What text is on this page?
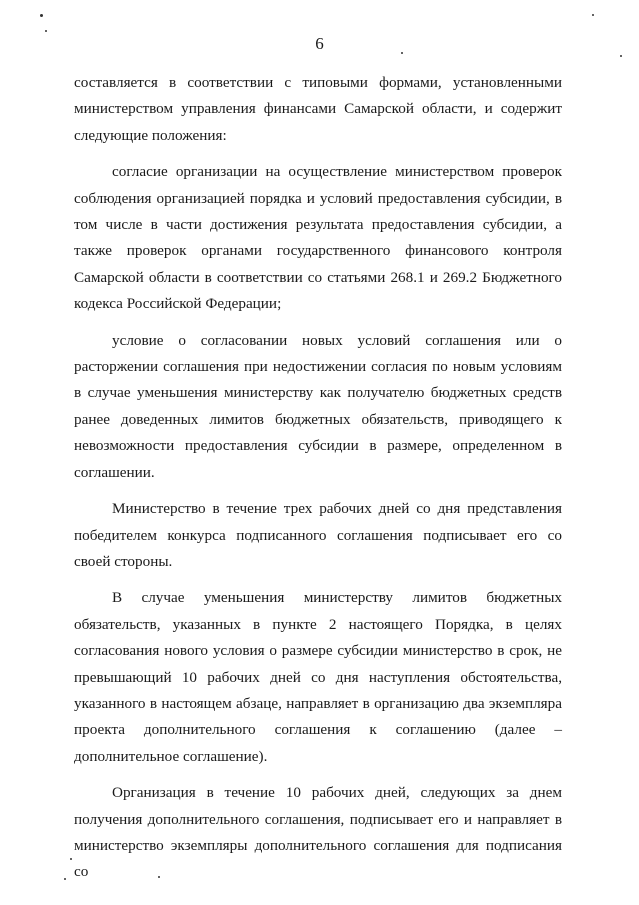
6

составляется в соответствии с типовыми формами, установленными министерством управления финансами Самарской области, и содержит следующие положения:

согласие организации на осуществление министерством проверок соблюдения организацией порядка и условий предоставления субсидии, в том числе в части достижения результата предоставления субсидии, а также проверок органами государственного финансового контроля Самарской области в соответствии со статьями 268.1 и 269.2 Бюджетного кодекса Российской Федерации;

условие о согласовании новых условий соглашения или о расторжении соглашения при недостижении согласия по новым условиям в случае уменьшения министерству как получателю бюджетных средств ранее доведенных лимитов бюджетных обязательств, приводящего к невозможности предоставления субсидии в размере, определенном в соглашении.

Министерство в течение трех рабочих дней со дня представления победителем конкурса подписанного соглашения подписывает его со своей стороны.

В случае уменьшения министерству лимитов бюджетных обязательств, указанных в пункте 2 настоящего Порядка, в целях согласования нового условия о размере субсидии министерство в срок, не превышающий 10 рабочих дней со дня наступления обстоятельства, указанного в настоящем абзаце, направляет в организацию два экземпляра проекта дополнительного соглашения к соглашению (далее – дополнительное соглашение).

Организация в течение 10 рабочих дней, следующих за днем получения дополнительного соглашения, подписывает его и направляет в министерство экземпляры дополнительного соглашения для подписания со
